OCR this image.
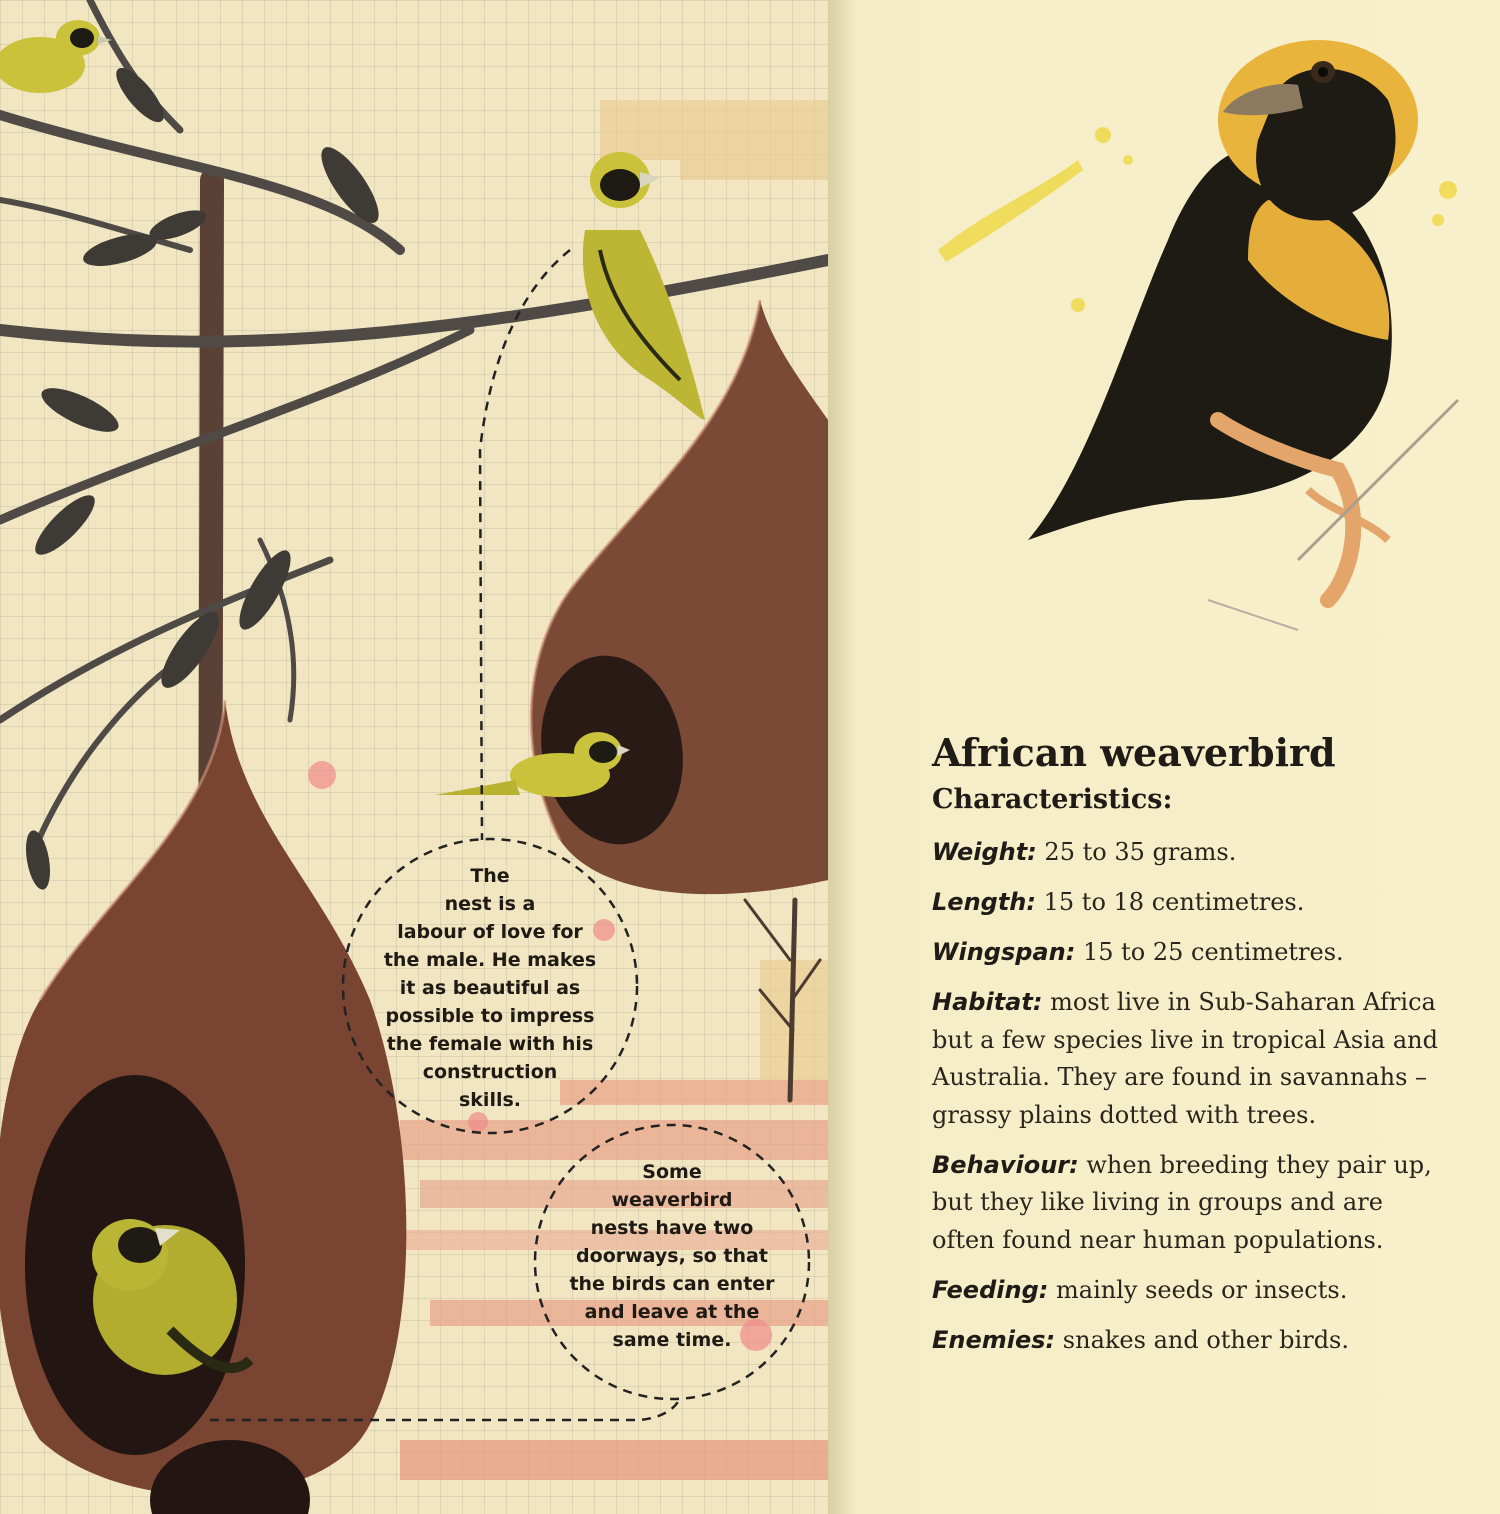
The
nest is a
labour of love for
the male. He makes
it as beautiful as
possible to impress
the female with his
construction
skills.
Some
weaverbird
nests have two
doorways, so that
the birds can enter
and leave at the
same time.
African weaverbird
Characteristics:
Weight: 25 to 35 grams.
Length: 15 to 18 centimetres.
Wingspan: 15 to 25 centimetres.
Habitat: most live in Sub-Saharan Africa but a few species live in tropical Asia and Australia. They are found in savannahs – grassy plains dotted with trees.
Behaviour: when breeding they pair up, but they like living in groups and are often found near human populations.
Feeding: mainly seeds or insects.
Enemies: snakes and other birds.
